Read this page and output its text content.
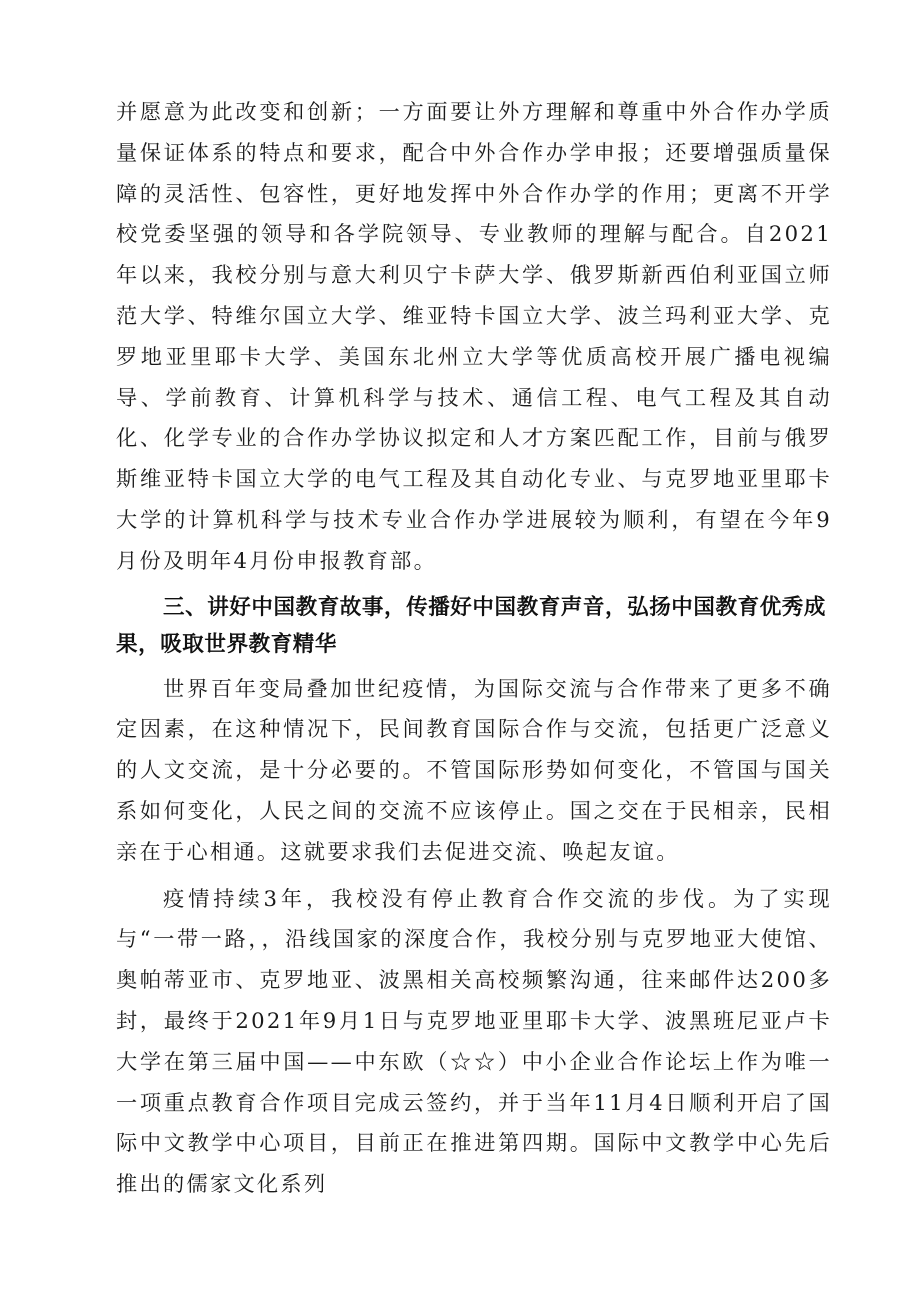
并愿意为此改变和创新；一方面要让外方理解和尊重中外合作办学质量保证体系的特点和要求，配合中外合作办学申报；还要增强质量保障的灵活性、包容性，更好地发挥中外合作办学的作用；更离不开学校党委坚强的领导和各学院领导、专业教师的理解与配合。自2021年以来，我校分别与意大利贝宁卡萨大学、俄罗斯新西伯利亚国立师范大学、特维尔国立大学、维亚特卡国立大学、波兰玛利亚大学、克罗地亚里耶卡大学、美国东北州立大学等优质高校开展广播电视编导、学前教育、计算机科学与技术、通信工程、电气工程及其自动化、化学专业的合作办学协议拟定和人才方案匹配工作，目前与俄罗斯维亚特卡国立大学的电气工程及其自动化专业、与克罗地亚里耶卡大学的计算机科学与技术专业合作办学进展较为顺利，有望在今年9月份及明年4月份申报教育部。

三、讲好中国教育故事，传播好中国教育声音，弘扬中国教育优秀成果，吸取世界教育精华

世界百年变局叠加世纪疫情，为国际交流与合作带来了更多不确定因素，在这种情况下，民间教育国际合作与交流，包括更广泛意义的人文交流，是十分必要的。不管国际形势如何变化，不管国与国关系如何变化，人民之间的交流不应该停止。国之交在于民相亲，民相亲在于心相通。这就要求我们去促进交流、唤起友谊。

疫情持续3年，我校没有停止教育合作交流的步伐。为了实现与“一带一路，，沿线国家的深度合作，我校分别与克罗地亚大使馆、奥帕蒂亚市、克罗地亚、波黑相关高校频繁沟通，往来邮件达200多封，最终于2021年9月1日与克罗地亚里耶卡大学、波黑班尼亚卢卡大学在第三届中国——中东欧（☆☆）中小企业合作论坛上作为唯一一项重点教育合作项目完成云签约，并于当年11月4日顺利开启了国际中文教学中心项目，目前正在推进第四期。国际中文教学中心先后推出的儒家文化系列
